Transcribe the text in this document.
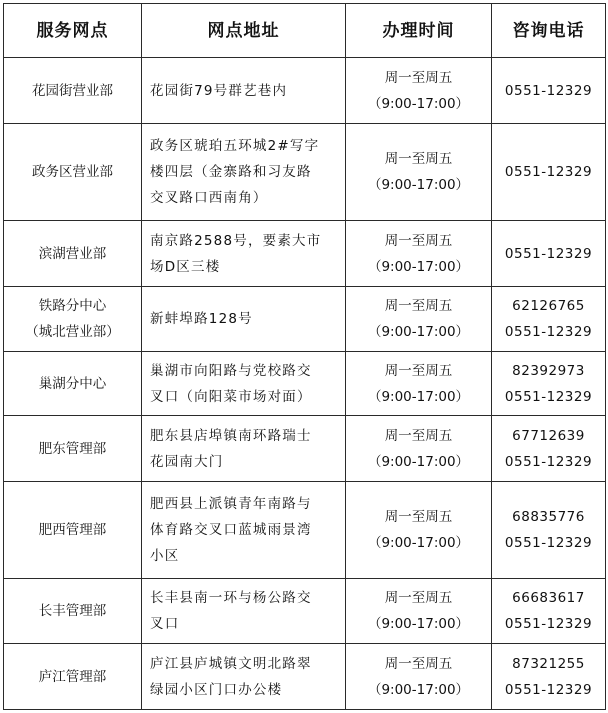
服务网点	网点地址	办理时间	咨询电话

花园街营业部	花园街79号群艺巷内	周一至周五
（9:00-17:00）	0551-12329

政务区营业部	政务区琥珀五环城2#写字
楼四层（金寨路和习友路
交叉路口西南角）	周一至周五
（9:00-17:00）	0551-12329

滨湖营业部	南京路2588号，要素大市
场D区三楼	周一至周五
（9:00-17:00）	0551-12329

铁路分中心
（城北营业部）	新蚌埠路128号	周一至周五
（9:00-17:00）	62126765
0551-12329

巢湖分中心	巢湖市向阳路与党校路交
叉口（向阳菜市场对面）	周一至周五
（9:00-17:00）	82392973
0551-12329

肥东管理部	肥东县店埠镇南环路瑞士
花园南大门	周一至周五
（9:00-17:00）	67712639
0551-12329

肥西管理部	肥西县上派镇青年南路与
体育路交叉口蓝城雨景湾
小区	周一至周五
（9:00-17:00）	68835776
0551-12329

长丰管理部	长丰县南一环与杨公路交
叉口	周一至周五
（9:00-17:00）	66683617
0551-12329

庐江管理部	庐江县庐城镇文明北路翠
绿园小区门口办公楼	周一至周五
（9:00-17:00）	87321255
0551-12329
